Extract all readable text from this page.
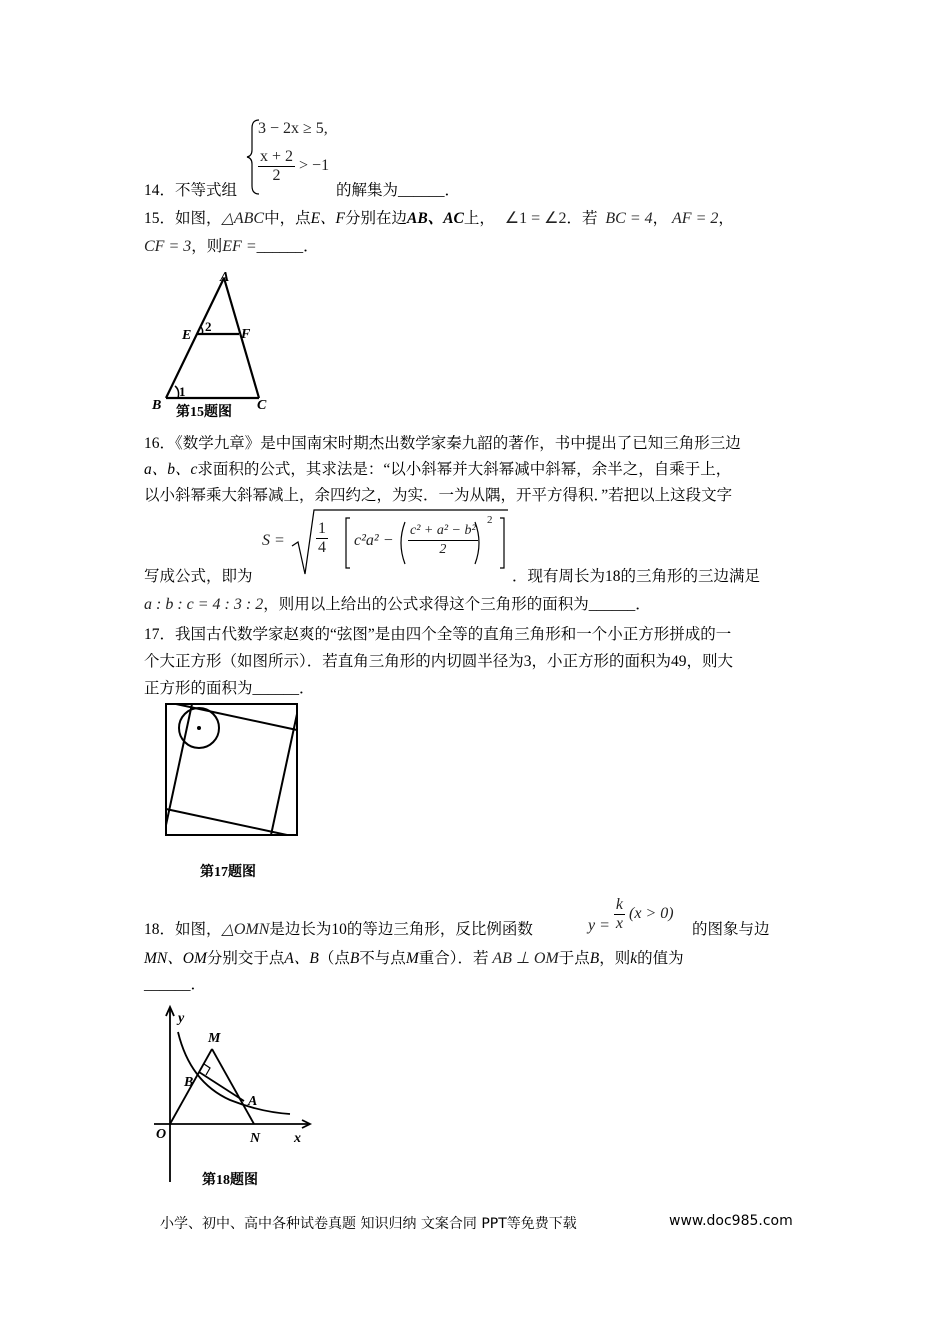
3 − 2x ≥ 5,
$\frac{x + 2}{2} > -1$
14．不等式组	的解集为______．
15．如图，△ABC中，点E、F分别在边AB、AC上， ∠1 = ∠2．若 BC = 4， AF = 2，
CF = 3，则EF =______．
A
E	F
B	C
2
1
第15题图
16．《数学九章》是中国南宋时期杰出数学家秦九韶的著作，书中提出了已知三角形三边
a、b、c求面积的公式，其求法是：“以小斜幂并大斜幂减中斜幂，余半之，自乘于上，
以小斜幂乘大斜幂减上，余四约之，为实．一为从隅，开平方得积．”若把以上这段文字
$S = \frac{1}{4} c^2a^2 - \frac{\text{c² + a² − b²}}{2}$
2
写成公式，即为	．现有周长为18的三角形的三边满足
a : b : c = 4 : 3 : 2，则用以上给出的公式求得这个三角形的面积为______．
17．我国古代数学家赵爽的“弦图”是由四个全等的直角三角形和一个小正方形拼成的一
个大正方形（如图所示）．若直角三角形的内切圆半径为3，小正方形的面积为49，则大
正方形的面积为______．
第17题图
$y = \frac{k}{x} (x > 0)$
18．如图，△OMN是边长为10的等边三角形，反比例函数	的图象与边
MN、OM分别交于点A、B（点B不与点M重合）．若 AB ⊥ OM于点B，则k的值为
______．
y
x
O
M
N
B
A
第18题图
小学、初中、高中各种试卷真题 知识归纳 文案合同 PPT等免费下载	www.doc985.com
